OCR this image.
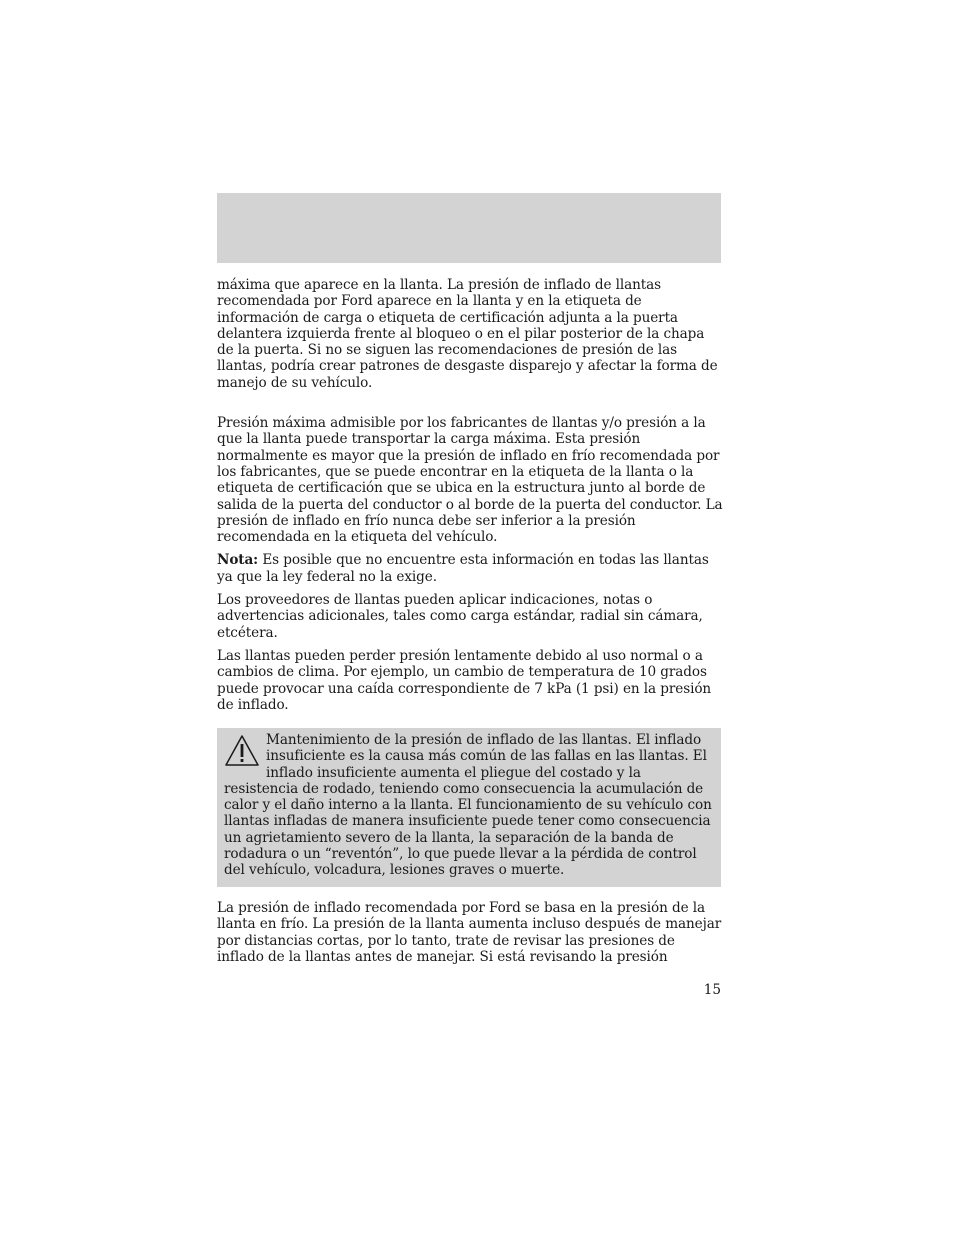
máxima que aparece en la llanta. La presión de inflado de llantas recomendada por Ford aparece en la llanta y en la etiqueta de información de carga o etiqueta de certificación adjunta a la puerta delantera izquierda frente al bloqueo o en el pilar posterior de la chapa de la puerta. Si no se siguen las recomendaciones de presión de las llantas, podría crear patrones de desgaste disparejo y afectar la forma de manejo de su vehículo.

Presión máxima admisible por los fabricantes de llantas y/o presión a la que la llanta puede transportar la carga máxima. Esta presión normalmente es mayor que la presión de inflado en frío recomendada por los fabricantes, que se puede encontrar en la etiqueta de la llanta o la etiqueta de certificación que se ubica en la estructura junto al borde de salida de la puerta del conductor o al borde de la puerta del conductor. La presión de inflado en frío nunca debe ser inferior a la presión recomendada en la etiqueta del vehículo.

Nota: Es posible que no encuentre esta información en todas las llantas ya que la ley federal no la exige.

Los proveedores de llantas pueden aplicar indicaciones, notas o advertencias adicionales, tales como carga estándar, radial sin cámara, etcétera.

Las llantas pueden perder presión lentamente debido al uso normal o a cambios de clima. Por ejemplo, un cambio de temperatura de 10 grados puede provocar una caída correspondiente de 7 kPa (1 psi) en la presión de inflado.

Mantenimiento de la presión de inflado de las llantas. El inflado insuficiente es la causa más común de las fallas en las llantas. El inflado insuficiente aumenta el pliegue del costado y la resistencia de rodado, teniendo como consecuencia la acumulación de calor y el daño interno a la llanta. El funcionamiento de su vehículo con llantas infladas de manera insuficiente puede tener como consecuencia un agrietamiento severo de la llanta, la separación de la banda de rodadura o un “reventón”, lo que puede llevar a la pérdida de control del vehículo, volcadura, lesiones graves o muerte.

La presión de inflado recomendada por Ford se basa en la presión de la llanta en frío. La presión de la llanta aumenta incluso después de manejar por distancias cortas, por lo tanto, trate de revisar las presiones de inflado de la llantas antes de manejar. Si está revisando la presión

15
